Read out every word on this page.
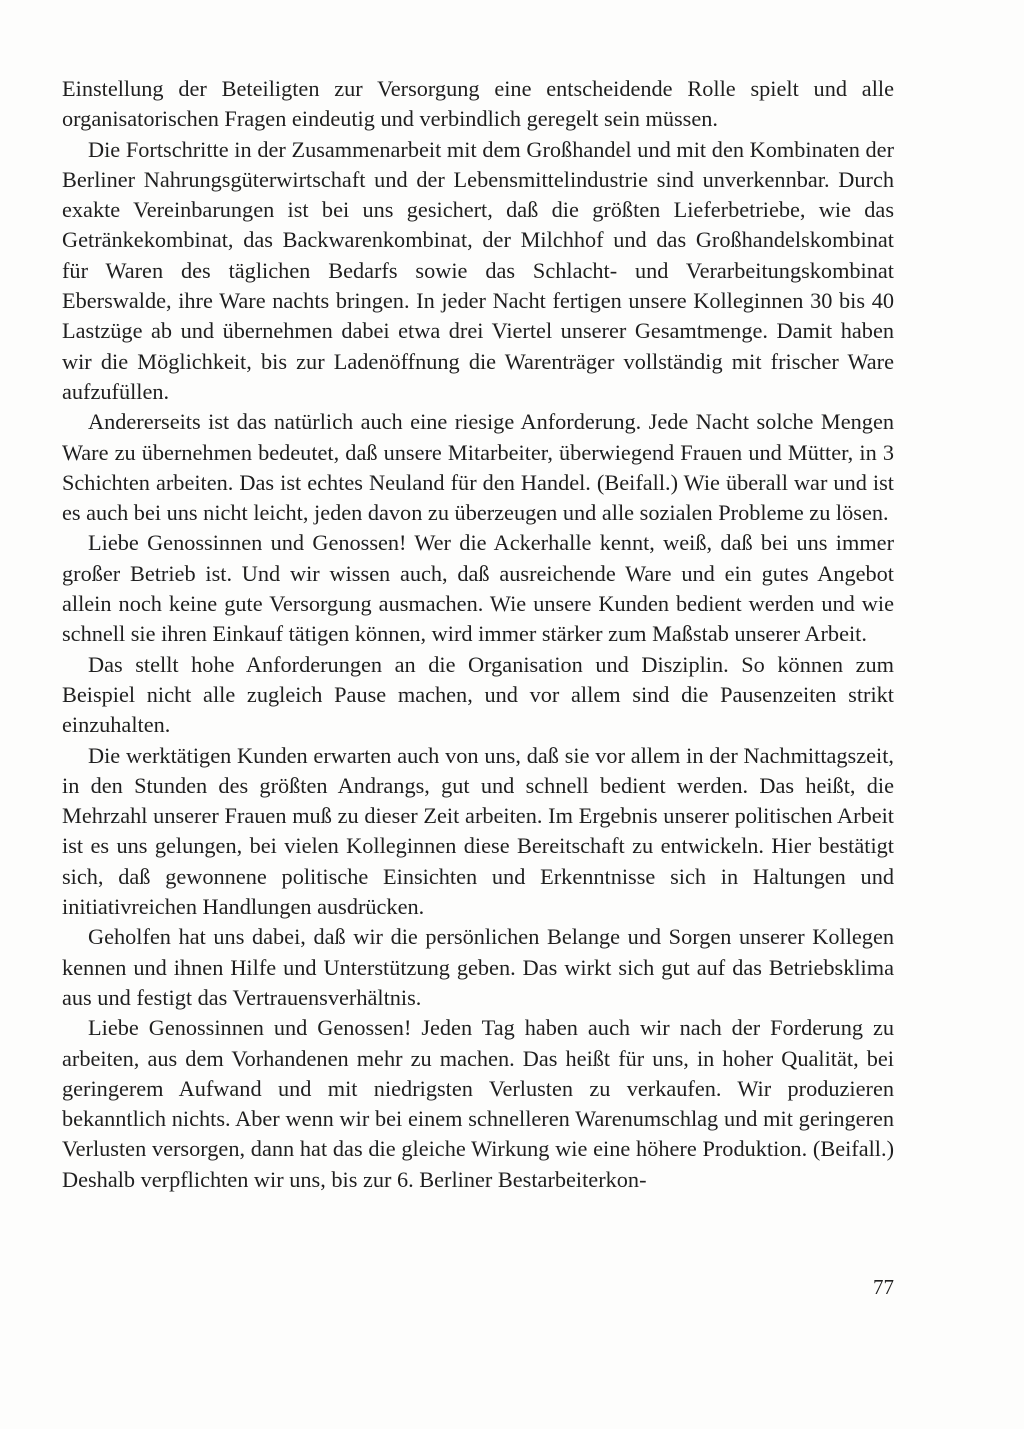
Einstellung der Beteiligten zur Versorgung eine entscheidende Rolle spielt und alle organisatorischen Fragen eindeutig und verbindlich geregelt sein müssen.

Die Fortschritte in der Zusammenarbeit mit dem Großhandel und mit den Kombinaten der Berliner Nahrungsgüterwirtschaft und der Lebensmittelindustrie sind unverkennbar. Durch exakte Vereinbarungen ist bei uns gesichert, daß die größten Lieferbetriebe, wie das Getränkekombinat, das Backwarenkombinat, der Milchhof und das Großhandelskombinat für Waren des täglichen Bedarfs sowie das Schlacht- und Verarbeitungskombinat Eberswalde, ihre Ware nachts bringen. In jeder Nacht fertigen unsere Kolleginnen 30 bis 40 Lastzüge ab und übernehmen dabei etwa drei Viertel unserer Gesamtmenge. Damit haben wir die Möglichkeit, bis zur Ladenöffnung die Warenträger vollständig mit frischer Ware aufzufüllen.

Andererseits ist das natürlich auch eine riesige Anforderung. Jede Nacht solche Mengen Ware zu übernehmen bedeutet, daß unsere Mitarbeiter, überwiegend Frauen und Mütter, in 3 Schichten arbeiten. Das ist echtes Neuland für den Handel. (Beifall.) Wie überall war und ist es auch bei uns nicht leicht, jeden davon zu überzeugen und alle sozialen Probleme zu lösen.

Liebe Genossinnen und Genossen! Wer die Ackerhalle kennt, weiß, daß bei uns immer großer Betrieb ist. Und wir wissen auch, daß ausreichende Ware und ein gutes Angebot allein noch keine gute Versorgung ausmachen. Wie unsere Kunden bedient werden und wie schnell sie ihren Einkauf tätigen können, wird immer stärker zum Maßstab unserer Arbeit.

Das stellt hohe Anforderungen an die Organisation und Disziplin. So können zum Beispiel nicht alle zugleich Pause machen, und vor allem sind die Pausenzeiten strikt einzuhalten.

Die werktätigen Kunden erwarten auch von uns, daß sie vor allem in der Nachmittagszeit, in den Stunden des größten Andrangs, gut und schnell bedient werden. Das heißt, die Mehrzahl unserer Frauen muß zu dieser Zeit arbeiten. Im Ergebnis unserer politischen Arbeit ist es uns gelungen, bei vielen Kolleginnen diese Bereitschaft zu entwickeln. Hier bestätigt sich, daß gewonnene politische Einsichten und Erkenntnisse sich in Haltungen und initiativreichen Handlungen ausdrücken.

Geholfen hat uns dabei, daß wir die persönlichen Belange und Sorgen unserer Kollegen kennen und ihnen Hilfe und Unterstützung geben. Das wirkt sich gut auf das Betriebsklima aus und festigt das Vertrauensverhältnis.

Liebe Genossinnen und Genossen! Jeden Tag haben auch wir nach der Forderung zu arbeiten, aus dem Vorhandenen mehr zu machen. Das heißt für uns, in hoher Qualität, bei geringerem Aufwand und mit niedrigsten Verlusten zu verkaufen. Wir produzieren bekanntlich nichts. Aber wenn wir bei einem schnelleren Warenumschlag und mit geringeren Verlusten versorgen, dann hat das die gleiche Wirkung wie eine höhere Produktion. (Beifall.) Deshalb verpflichten wir uns, bis zur 6. Berliner Bestarbeiterkon-

77
